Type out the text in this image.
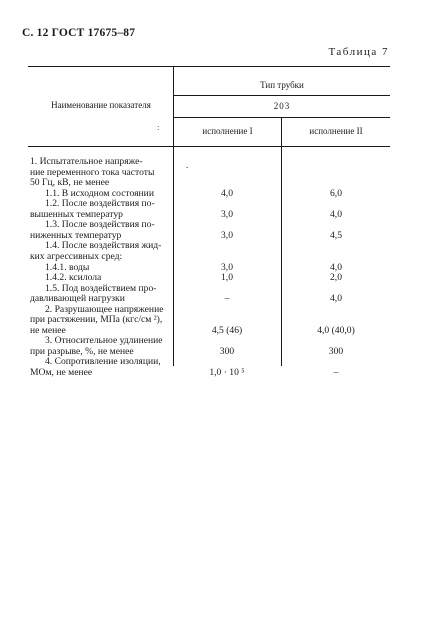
С. 12 ГОСТ 17675–87
Таблица 7
Наименование показателя
:
Тип трубки
203
исполнение I	исполнение II
.
1. Испытательное напряже-
ние переменного тока частоты
50 Гц, кВ, не менее
1.1. В исходном состоянии	4,0	6,0
1.2. После воздействия по-
вышенных температур	3,0	4,0
1.3. После воздействия по-
ниженных температур	3,0	4,5
1.4. После воздействия жид-
ких агрессивных сред:
1.4.1. воды	3,0	4,0
1.4.2. ксилола	1,0	2,0
1.5. Под воздействием про-
давливающей нагрузки	–	4,0
2. Разрушающее напряжение
при растяжении, МПа (кгс/см ²),
не менее	4,5 (46)	4,0 (40,0)
3. Относительное удлинение
при разрыве, %, не менее	300	300
4. Сопротивление изоляции,
МОм, не менее	1,0 · 10 ⁵	–
